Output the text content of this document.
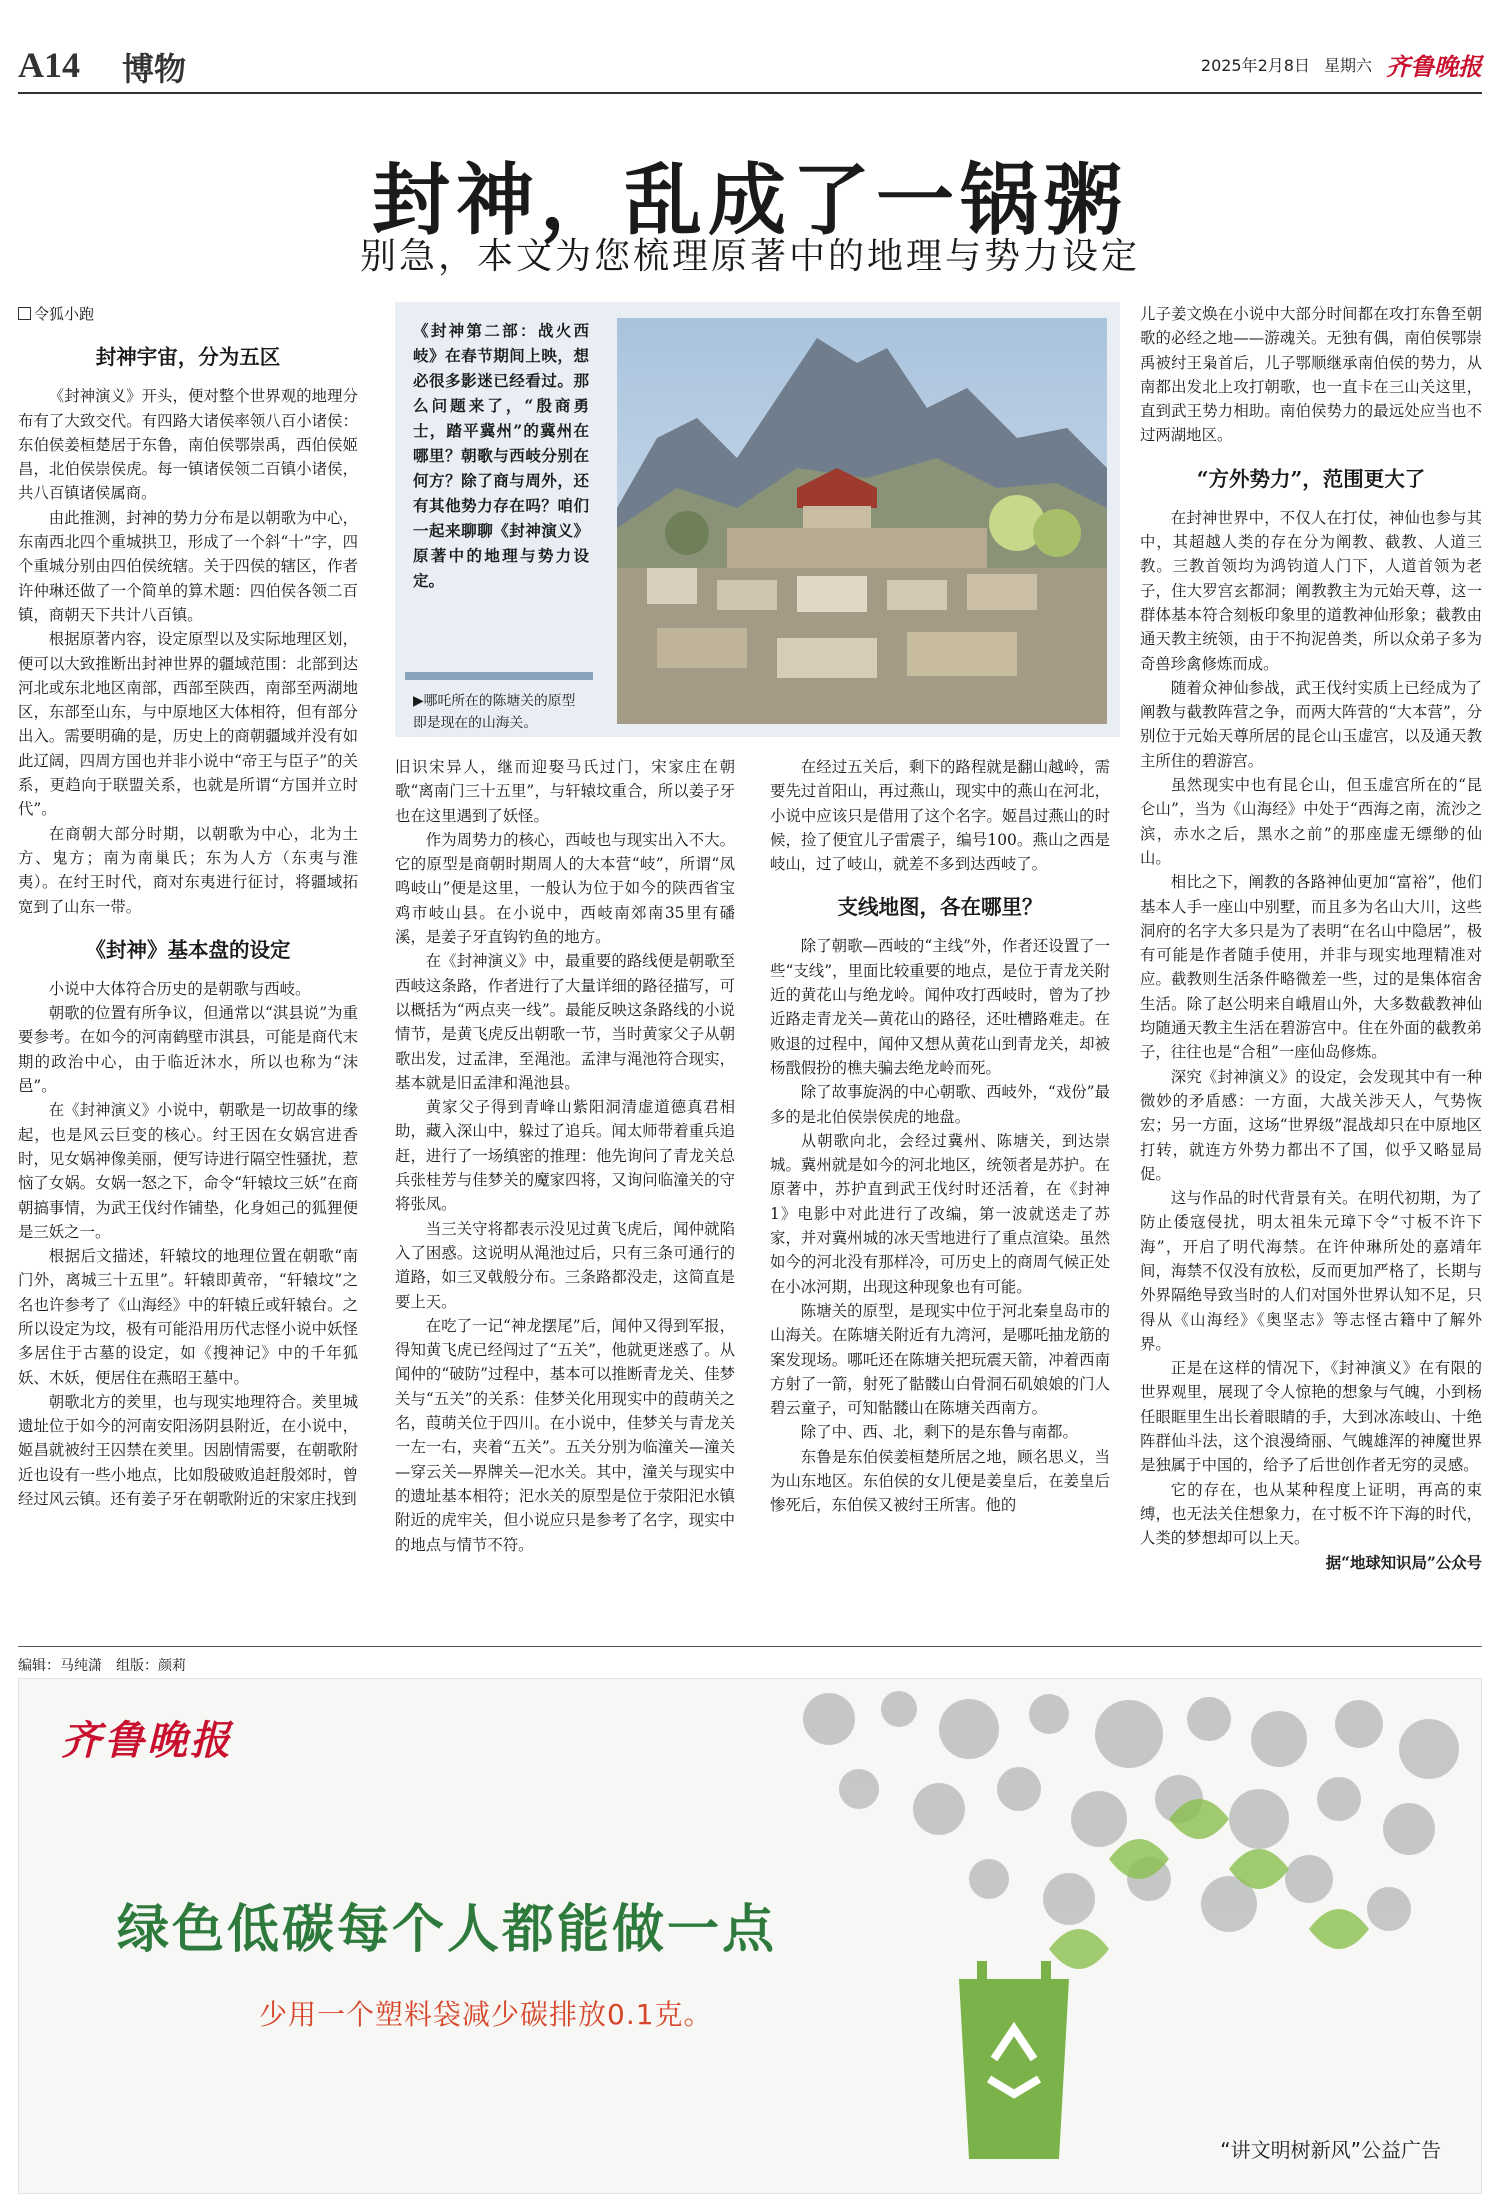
A14 博物	2025年2月8日 星期六 齐鲁晚报
封神，乱成了一锅粥
别急，本文为您梳理原著中的地理与势力设定

令狐小跑

封神宇宙，分为五区

《封神演义》开头，便对整个世界观的地理分布有了大致交代。有四路大诸侯率领八百小诸侯：东伯侯姜桓楚居于东鲁，南伯侯鄂崇禹，西伯侯姬昌，北伯侯崇侯虎。每一镇诸侯领二百镇小诸侯，共八百镇诸侯属商。

由此推测，封神的势力分布是以朝歌为中心，东南西北四个重城拱卫，形成了一个斜“十”字，四个重城分别由四伯侯统辖。关于四侯的辖区，作者许仲琳还做了一个简单的算术题：四伯侯各领二百镇，商朝天下共计八百镇。

根据原著内容，设定原型以及实际地理区划，便可以大致推断出封神世界的疆域范围：北部到达河北或东北地区南部，西部至陕西，南部至两湖地区，东部至山东，与中原地区大体相符，但有部分出入。需要明确的是，历史上的商朝疆域并没有如此辽阔，四周方国也并非小说中“帝王与臣子”的关系，更趋向于联盟关系，也就是所谓“方国并立时代”。

在商朝大部分时期，以朝歌为中心，北为土方、鬼方；南为南巢氏；东为人方（东夷与淮夷）。在纣王时代，商对东夷进行征讨，将疆域拓宽到了山东一带。

《封神》基本盘的设定

小说中大体符合历史的是朝歌与西岐。

朝歌的位置有所争议，但通常以“淇县说”为重要参考。在如今的河南鹤壁市淇县，可能是商代末期的政治中心，由于临近沐水，所以也称为“沫邑”。

在《封神演义》小说中，朝歌是一切故事的缘起，也是风云巨变的核心。纣王因在女娲宫进香时，见女娲神像美丽，便写诗进行隔空性骚扰，惹恼了女娲。女娲一怒之下，命令“轩辕坟三妖”在商朝搞事情，为武王伐纣作铺垫，化身妲己的狐狸便是三妖之一。

根据后文描述，轩辕坟的地理位置在朝歌“南门外，离城三十五里”。轩辕即黄帝，“轩辕坟”之名也许参考了《山海经》中的轩辕丘或轩辕台。之所以设定为坟，极有可能沿用历代志怪小说中妖怪多居住于古墓的设定，如《搜神记》中的千年狐妖、木妖，便居住在燕昭王墓中。

朝歌北方的羑里，也与现实地理符合。羑里城遗址位于如今的河南安阳汤阴县附近，在小说中，姬昌就被纣王囚禁在羑里。因剧情需要，在朝歌附近也设有一些小地点，比如殷破败追赶殷郊时，曾经过风云镇。还有姜子牙在朝歌附近的宋家庄找到

《封神第二部：战火西岐》在春节期间上映，想必很多影迷已经看过。那么问题来了，“殷商勇士，踏平冀州”的冀州在哪里？朝歌与西岐分别在何方？除了商与周外，还有其他势力存在吗？咱们一起来聊聊《封神演义》原著中的地理与势力设定。
▶哪吒所在的陈塘关的原型即是现在的山海关。

旧识宋异人，继而迎娶马氏过门，宋家庄在朝歌“离南门三十五里”，与轩辕坟重合，所以姜子牙也在这里遇到了妖怪。

作为周势力的核心，西岐也与现实出入不大。它的原型是商朝时期周人的大本营“岐”，所谓“凤鸣岐山”便是这里，一般认为位于如今的陕西省宝鸡市岐山县。在小说中，西岐南郊南35里有磻溪，是姜子牙直钩钓鱼的地方。

在《封神演义》中，最重要的路线便是朝歌至西岐这条路，作者进行了大量详细的路径描写，可以概括为“两点夹一线”。最能反映这条路线的小说情节，是黄飞虎反出朝歌一节，当时黄家父子从朝歌出发，过孟津，至渑池。孟津与渑池符合现实，基本就是旧孟津和渑池县。

黄家父子得到青峰山紫阳洞清虚道德真君相助，藏入深山中，躲过了追兵。闻太师带着重兵追赶，进行了一场缜密的推理：他先询问了青龙关总兵张桂芳与佳梦关的魔家四将，又询问临潼关的守将张凤。

当三关守将都表示没见过黄飞虎后，闻仲就陷入了困惑。这说明从渑池过后，只有三条可通行的道路，如三叉戟般分布。三条路都没走，这简直是要上天。

在吃了一记“神龙摆尾”后，闻仲又得到军报，得知黄飞虎已经闯过了“五关”，他就更迷惑了。从闻仲的“破防”过程中，基本可以推断青龙关、佳梦关与“五关”的关系：佳梦关化用现实中的葭萌关之名，葭萌关位于四川。在小说中，佳梦关与青龙关一左一右，夹着“五关”。五关分别为临潼关—潼关—穿云关—界牌关—汜水关。其中，潼关与现实中的遗址基本相符；汜水关的原型是位于荥阳汜水镇附近的虎牢关，但小说应只是参考了名字，现实中的地点与情节不符。

在经过五关后，剩下的路程就是翻山越岭，需要先过首阳山，再过燕山，现实中的燕山在河北，小说中应该只是借用了这个名字。姬昌过燕山的时候，捡了便宜儿子雷震子，编号100。燕山之西是岐山，过了岐山，就差不多到达西岐了。

支线地图，各在哪里？

除了朝歌—西岐的“主线”外，作者还设置了一些“支线”，里面比较重要的地点，是位于青龙关附近的黄花山与绝龙岭。闻仲攻打西岐时，曾为了抄近路走青龙关—黄花山的路径，还吐槽路难走。在败退的过程中，闻仲又想从黄花山到青龙关，却被杨戬假扮的樵夫骗去绝龙岭而死。

除了故事旋涡的中心朝歌、西岐外，“戏份”最多的是北伯侯崇侯虎的地盘。

从朝歌向北，会经过冀州、陈塘关，到达崇城。冀州就是如今的河北地区，统领者是苏护。在原著中，苏护直到武王伐纣时还活着，在《封神1》电影中对此进行了改编，第一波就送走了苏家，并对冀州城的冰天雪地进行了重点渲染。虽然如今的河北没有那样冷，可历史上的商周气候正处在小冰河期，出现这种现象也有可能。

陈塘关的原型，是现实中位于河北秦皇岛市的山海关。在陈塘关附近有九湾河，是哪吒抽龙筋的案发现场。哪吒还在陈塘关把玩震天箭，冲着西南方射了一箭，射死了骷髅山白骨洞石矶娘娘的门人碧云童子，可知骷髅山在陈塘关西南方。

除了中、西、北，剩下的是东鲁与南都。

东鲁是东伯侯姜桓楚所居之地，顾名思义，当为山东地区。东伯侯的女儿便是姜皇后，在姜皇后惨死后，东伯侯又被纣王所害。他的

儿子姜文焕在小说中大部分时间都在攻打东鲁至朝歌的必经之地——游魂关。无独有偶，南伯侯鄂崇禹被纣王枭首后，儿子鄂顺继承南伯侯的势力，从南都出发北上攻打朝歌，也一直卡在三山关这里，直到武王势力相助。南伯侯势力的最远处应当也不过两湖地区。

“方外势力”，范围更大了

在封神世界中，不仅人在打仗，神仙也参与其中，其超越人类的存在分为阐教、截教、人道三教。三教首领均为鸿钧道人门下，人道首领为老子，住大罗宫玄都洞；阐教教主为元始天尊，这一群体基本符合刻板印象里的道教神仙形象；截教由通天教主统领，由于不拘泥兽类，所以众弟子多为奇兽珍禽修炼而成。

随着众神仙参战，武王伐纣实质上已经成为了阐教与截教阵营之争，而两大阵营的“大本营”，分别位于元始天尊所居的昆仑山玉虚宫，以及通天教主所住的碧游宫。

虽然现实中也有昆仑山，但玉虚宫所在的“昆仑山”，当为《山海经》中处于“西海之南，流沙之滨，赤水之后，黑水之前”的那座虚无缥缈的仙山。

相比之下，阐教的各路神仙更加“富裕”，他们基本人手一座山中别墅，而且多为名山大川，这些洞府的名字大多只是为了表明“在名山中隐居”，极有可能是作者随手使用，并非与现实地理精准对应。截教则生活条件略微差一些，过的是集体宿舍生活。除了赵公明来自峨眉山外，大多数截教神仙均随通天教主生活在碧游宫中。住在外面的截教弟子，往往也是“合租”一座仙岛修炼。

深究《封神演义》的设定，会发现其中有一种微妙的矛盾感：一方面，大战关涉天人，气势恢宏；另一方面，这场“世界级”混战却只在中原地区打转，就连方外势力都出不了国，似乎又略显局促。

这与作品的时代背景有关。在明代初期，为了防止倭寇侵扰，明太祖朱元璋下令“寸板不许下海”，开启了明代海禁。在许仲琳所处的嘉靖年间，海禁不仅没有放松，反而更加严格了，长期与外界隔绝导致当时的人们对国外世界认知不足，只得从《山海经》《奥坚志》等志怪古籍中了解外界。

正是在这样的情况下，《封神演义》在有限的世界观里，展现了令人惊艳的想象与气魄，小到杨任眼眶里生出长着眼睛的手，大到冰冻岐山、十绝阵群仙斗法，这个浪漫绮丽、气魄雄浑的神魔世界是独属于中国的，给予了后世创作者无穷的灵感。

它的存在，也从某种程度上证明，再高的束缚，也无法关住想象力，在寸板不许下海的时代，人类的梦想却可以上天。

据“地球知识局”公众号

编辑：马纯潇　组版：颜莉
齐鲁晚报
绿色低碳每个人都能做一点
少用一个塑料袋减少碳排放0.1克。
“讲文明树新风”公益广告
